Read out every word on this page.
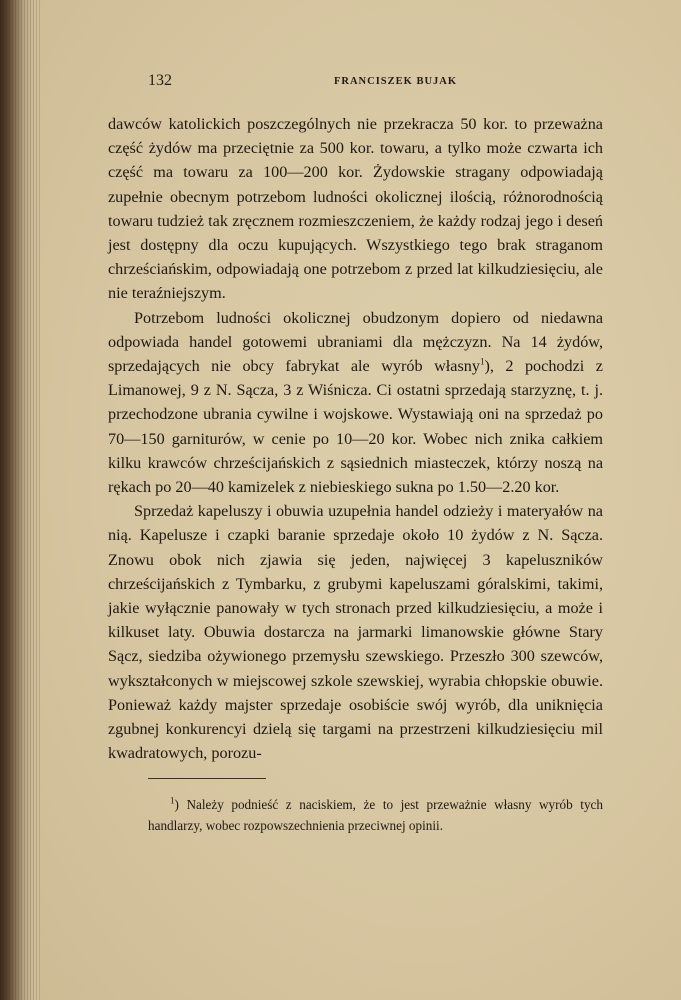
132	FRANCISZEK BUJAK

dawców katolickich poszczególnych nie przekracza 50 kor. to przeważna część żydów ma przeciętnie za 500 kor. towaru, a tylko może czwarta ich część ma towaru za 100—200 kor. Żydowskie stragany odpowiadają zupełnie obecnym potrzebom ludności okolicznej ilością, różnorodnością towaru tudzież tak zręcznem rozmieszczeniem, że każdy rodzaj jego i deseń jest dostępny dla oczu kupujących. Wszystkiego tego brak straganom chrześciańskim, odpowiadają one potrzebom z przed lat kilkudziesięciu, ale nie teraźniejszym.

Potrzebom ludności okolicznej obudzonym dopiero od niedawna odpowiada handel gotowemi ubraniami dla mężczyzn. Na 14 żydów, sprzedających nie obcy fabrykat ale wyrób własny$^1$), 2 pochodzi z Limanowej, 9 z N. Sącza, 3 z Wiśnicza. Ci ostatni sprzedają starzyznę, t. j. przechodzone ubrania cywilne i wojskowe. Wystawiają oni na sprzedaż po 70—150 garniturów, w cenie po 10—20 kor. Wobec nich znika całkiem kilku krawców chrześcijańskich z sąsiednich miasteczek, którzy noszą na rękach po 20—40 kamizelek z niebieskiego sukna po 1.50—2.20 kor.

Sprzedaż kapeluszy i obuwia uzupełnia handel odzieży i materyałów na nią. Kapelusze i czapki baranie sprzedaje około 10 żydów z N. Sącza. Znowu obok nich zjawia się jeden, najwięcej 3 kapeluszników chrześcijańskich z Tymbarku, z grubymi kapeluszami góralskimi, takimi, jakie wyłącznie panowały w tych stronach przed kilkudziesięciu, a może i kilkuset laty. Obuwia dostarcza na jarmarki limanowskie główne Stary Sącz, siedziba ożywionego przemysłu szewskiego. Przeszło 300 szewców, wykształconych w miejscowej szkole szewskiej, wyrabia chłopskie obuwie. Ponieważ każdy majster sprzedaje osobiście swój wyrób, dla uniknięcia zgubnej konkurencyi dzielą się targami na przestrzeni kilkudziesięciu mil kwadratowych, porozu-

$^1$) Należy podnieść z naciskiem, że to jest przeważnie własny wyrób tych handlarzy, wobec rozpowszechnienia przeciwnej opinii.
